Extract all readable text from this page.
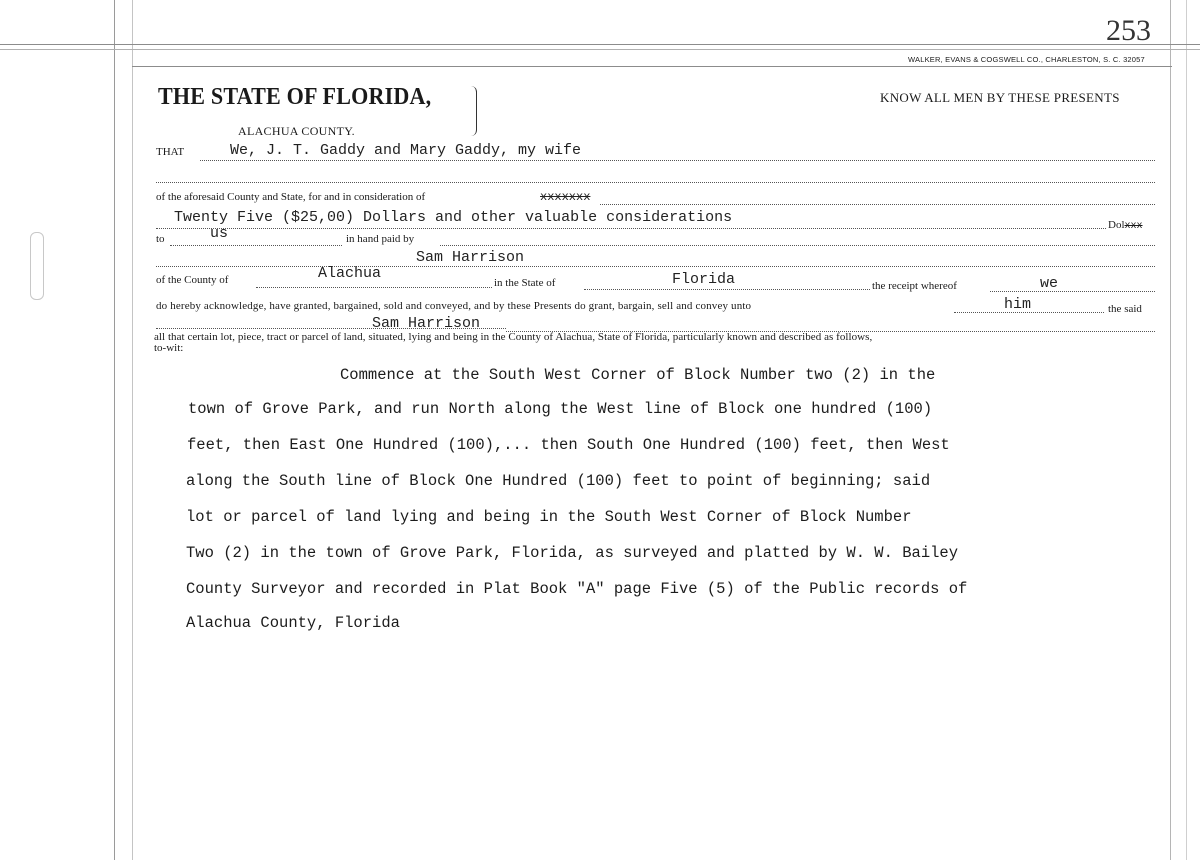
253
WALKER, EVANS & COGSWELL CO., CHARLESTON, S. C. 32057
THE STATE OF FLORIDA,	KNOW ALL MEN BY THESE PRESENTS
ALACHUA COUNTY.
THAT	We, J. T. Gaddy and Mary Gaddy, my wife
of the aforesaid County and State, for and in consideration of	xxxxxxx
Twenty Five ($25,00) Dollars and other valuable considerations	Dolxxx
to	us	in hand paid by
Sam Harrison
of the County of	Alachua
in the State of	Florida	the receipt whereof	we
do hereby acknowledge, have granted, bargained, sold and conveyed, and by these Presents do grant, bargain, sell and convey unto	him	the said
Sam Harrison
all that certain lot, piece, tract or parcel of land, situated, lying and being in the County of Alachua, State of Florida, particularly known and described as follows,
to-wit:
Commence at the South West Corner of Block Number two (2) in the
town of Grove Park, and run North along the West line of Block one hundred (100)
feet, then East One Hundred (100),... then South One Hundred (100) feet, then West
along the South line of Block One Hundred (100) feet to point of beginning; said
lot or parcel of land lying and being in the South West Corner of Block Number
Two (2) in the town of Grove Park, Florida, as surveyed and platted by W. W. Bailey
County Surveyor and recorded in Plat Book "A" page Five (5) of the Public records of
Alachua County, Florida
